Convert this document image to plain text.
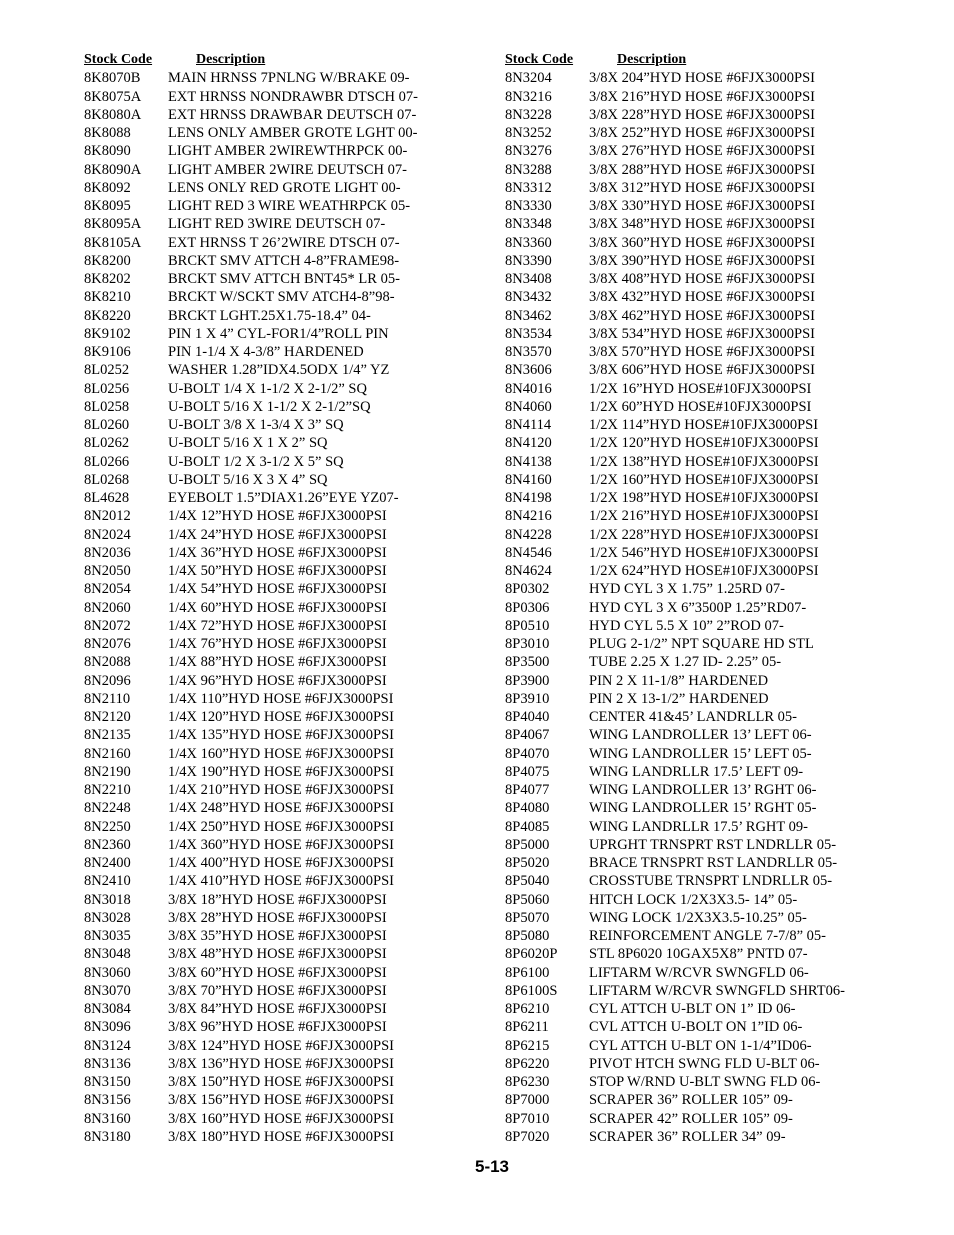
Stock Code	Description
8K8070B MAIN HRNSS 7PNLNG W/BRAKE 09-
8K8075A EXT HRNSS NONDRAWBR DTSCH 07-
8K8080A EXT HRNSS DRAWBAR DEUTSCH 07-
8K8088	LENS ONLY AMBER GROTE LGHT 00-
8K8090	LIGHT AMBER 2WIREWTHRPCK 00-
8K8090A LIGHT AMBER 2WIRE DEUTSCH 07-
8K8092	LENS ONLY RED GROTE LIGHT 00-
8K8095	LIGHT RED 3 WIRE WEATHRPCK 05-
8K8095A LIGHT RED 3WIRE DEUTSCH 07-
8K8105A EXT HRNSS T 26’2WIRE DTSCH 07-
8K8200	BRCKT SMV ATTCH 4-8”FRAME98-
8K8202	BRCKT SMV ATTCH BNT45* LR 05-
8K8210	BRCKT W/SCKT SMV ATCH4-8”98-
8K8220	BRCKT LGHT.25X1.75-18.4” 04-
8K9102	PIN 1 X 4” CYL-FOR1/4”ROLL PIN
8K9106	PIN 1-1/4 X 4-3/8” HARDENED
8L0252	WASHER 1.28”IDX4.5ODX 1/4” YZ
8L0256	U-BOLT 1/4 X 1-1/2 X 2-1/2” SQ
8L0258	U-BOLT 5/16 X 1-1/2 X 2-1/2”SQ
8L0260	U-BOLT 3/8 X 1-3/4 X 3” SQ
8L0262	U-BOLT 5/16 X 1 X 2” SQ
8L0266	U-BOLT 1/2 X 3-1/2 X 5” SQ
8L0268	U-BOLT 5/16 X 3 X 4” SQ
8L4628	EYEBOLT 1.5”DIAX1.26”EYE YZ07-
8N2012	1/4X 12”HYD HOSE #6FJX3000PSI
8N2024	1/4X 24”HYD HOSE #6FJX3000PSI
8N2036	1/4X 36”HYD HOSE #6FJX3000PSI
8N2050	1/4X 50”HYD HOSE #6FJX3000PSI
8N2054	1/4X 54”HYD HOSE #6FJX3000PSI
8N2060	1/4X 60”HYD HOSE #6FJX3000PSI
8N2072	1/4X 72”HYD HOSE #6FJX3000PSI
8N2076	1/4X 76”HYD HOSE #6FJX3000PSI
8N2088	1/4X 88”HYD HOSE #6FJX3000PSI
8N2096	1/4X 96”HYD HOSE #6FJX3000PSI
8N2110	1/4X 110”HYD HOSE #6FJX3000PSI
8N2120	1/4X 120”HYD HOSE #6FJX3000PSI
8N2135	1/4X 135”HYD HOSE #6FJX3000PSI
8N2160	1/4X 160”HYD HOSE #6FJX3000PSI
8N2190	1/4X 190”HYD HOSE #6FJX3000PSI
8N2210	1/4X 210”HYD HOSE #6FJX3000PSI
8N2248	1/4X 248”HYD HOSE #6FJX3000PSI
8N2250	1/4X 250”HYD HOSE #6FJX3000PSI
8N2360	1/4X 360”HYD HOSE #6FJX3000PSI
8N2400	1/4X 400”HYD HOSE #6FJX3000PSI
8N2410	1/4X 410”HYD HOSE #6FJX3000PSI
8N3018	3/8X 18”HYD HOSE #6FJX3000PSI
8N3028	3/8X 28”HYD HOSE #6FJX3000PSI
8N3035	3/8X 35”HYD HOSE #6FJX3000PSI
8N3048	3/8X 48”HYD HOSE #6FJX3000PSI
8N3060	3/8X 60”HYD HOSE #6FJX3000PSI
8N3070	3/8X 70”HYD HOSE #6FJX3000PSI
8N3084	3/8X 84”HYD HOSE #6FJX3000PSI
8N3096	3/8X 96”HYD HOSE #6FJX3000PSI
8N3124	3/8X 124”HYD HOSE #6FJX3000PSI
8N3136	3/8X 136”HYD HOSE #6FJX3000PSI
8N3150	3/8X 150”HYD HOSE #6FJX3000PSI
8N3156	3/8X 156”HYD HOSE #6FJX3000PSI
8N3160	3/8X 160”HYD HOSE #6FJX3000PSI
8N3180	3/8X 180”HYD HOSE #6FJX3000PSI
Stock Code	Description
8N3204	3/8X 204”HYD HOSE #6FJX3000PSI
8N3216	3/8X 216”HYD HOSE #6FJX3000PSI
8N3228	3/8X 228”HYD HOSE #6FJX3000PSI
8N3252	3/8X 252”HYD HOSE #6FJX3000PSI
8N3276	3/8X 276”HYD HOSE #6FJX3000PSI
8N3288	3/8X 288”HYD HOSE #6FJX3000PSI
8N3312	3/8X 312”HYD HOSE #6FJX3000PSI
8N3330	3/8X 330”HYD HOSE #6FJX3000PSI
8N3348	3/8X 348”HYD HOSE #6FJX3000PSI
8N3360	3/8X 360”HYD HOSE #6FJX3000PSI
8N3390	3/8X 390”HYD HOSE #6FJX3000PSI
8N3408	3/8X 408”HYD HOSE #6FJX3000PSI
8N3432	3/8X 432”HYD HOSE #6FJX3000PSI
8N3462	3/8X 462”HYD HOSE #6FJX3000PSI
8N3534	3/8X 534”HYD HOSE #6FJX3000PSI
8N3570	3/8X 570”HYD HOSE #6FJX3000PSI
8N3606	3/8X 606”HYD HOSE #6FJX3000PSI
8N4016	1/2X 16”HYD HOSE#10FJX3000PSI
8N4060	1/2X 60”HYD HOSE#10FJX3000PSI
8N4114	1/2X 114”HYD HOSE#10FJX3000PSI
8N4120	1/2X 120”HYD HOSE#10FJX3000PSI
8N4138	1/2X 138”HYD HOSE#10FJX3000PSI
8N4160	1/2X 160”HYD HOSE#10FJX3000PSI
8N4198	1/2X 198”HYD HOSE#10FJX3000PSI
8N4216	1/2X 216”HYD HOSE#10FJX3000PSI
8N4228	1/2X 228”HYD HOSE#10FJX3000PSI
8N4546	1/2X 546”HYD HOSE#10FJX3000PSI
8N4624	1/2X 624”HYD HOSE#10FJX3000PSI
8P0302	HYD CYL 3 X 1.75” 1.25RD 07-
8P0306	HYD CYL 3 X 6”3500P 1.25”RD07-
8P0510	HYD CYL 5.5 X 10” 2”ROD 07-
8P3010	PLUG 2-1/2” NPT SQUARE HD STL
8P3500	TUBE 2.25 X 1.27 ID- 2.25” 05-
8P3900	PIN 2 X 11-1/8” HARDENED
8P3910	PIN 2 X 13-1/2” HARDENED
8P4040	CENTER 41&45’ LANDRLLR 05-
8P4067	WING LANDROLLER 13’ LEFT 06-
8P4070	WING LANDROLLER 15’ LEFT 05-
8P4075	WING LANDRLLR 17.5’ LEFT 09-
8P4077	WING LANDROLLER 13’ RGHT 06-
8P4080	WING LANDROLLER 15’ RGHT 05-
8P4085	WING LANDRLLR 17.5’ RGHT 09-
8P5000	UPRGHT TRNSPRT RST LNDRLLR 05-
8P5020	BRACE TRNSPRT RST LANDRLLR 05-
8P5040	CROSSTUBE TRNSPRT LNDRLLR 05-
8P5060	HITCH LOCK 1/2X3X3.5- 14” 05-
8P5070	WING LOCK 1/2X3X3.5-10.25” 05-
8P5080	REINFORCEMENT ANGLE 7-7/8” 05-
8P6020P STL 8P6020 10GAX5X8” PNTD 07-
8P6100	LIFTARM W/RCVR SWNGFLD 06-
8P6100S LIFTARM W/RCVR SWNGFLD SHRT06-
8P6210	CYL ATTCH U-BLT ON 1” ID 06-
8P6211	CVL ATTCH U-BOLT ON 1”ID 06-
8P6215	CYL ATTCH U-BLT ON 1-1/4”ID06-
8P6220	PIVOT HTCH SWNG FLD U-BLT 06-
8P6230	STOP W/RND U-BLT SWNG FLD 06-
8P7000	SCRAPER 36” ROLLER 105” 09-
8P7010	SCRAPER 42” ROLLER 105” 09-
8P7020	SCRAPER 36” ROLLER 34” 09-
5-13
